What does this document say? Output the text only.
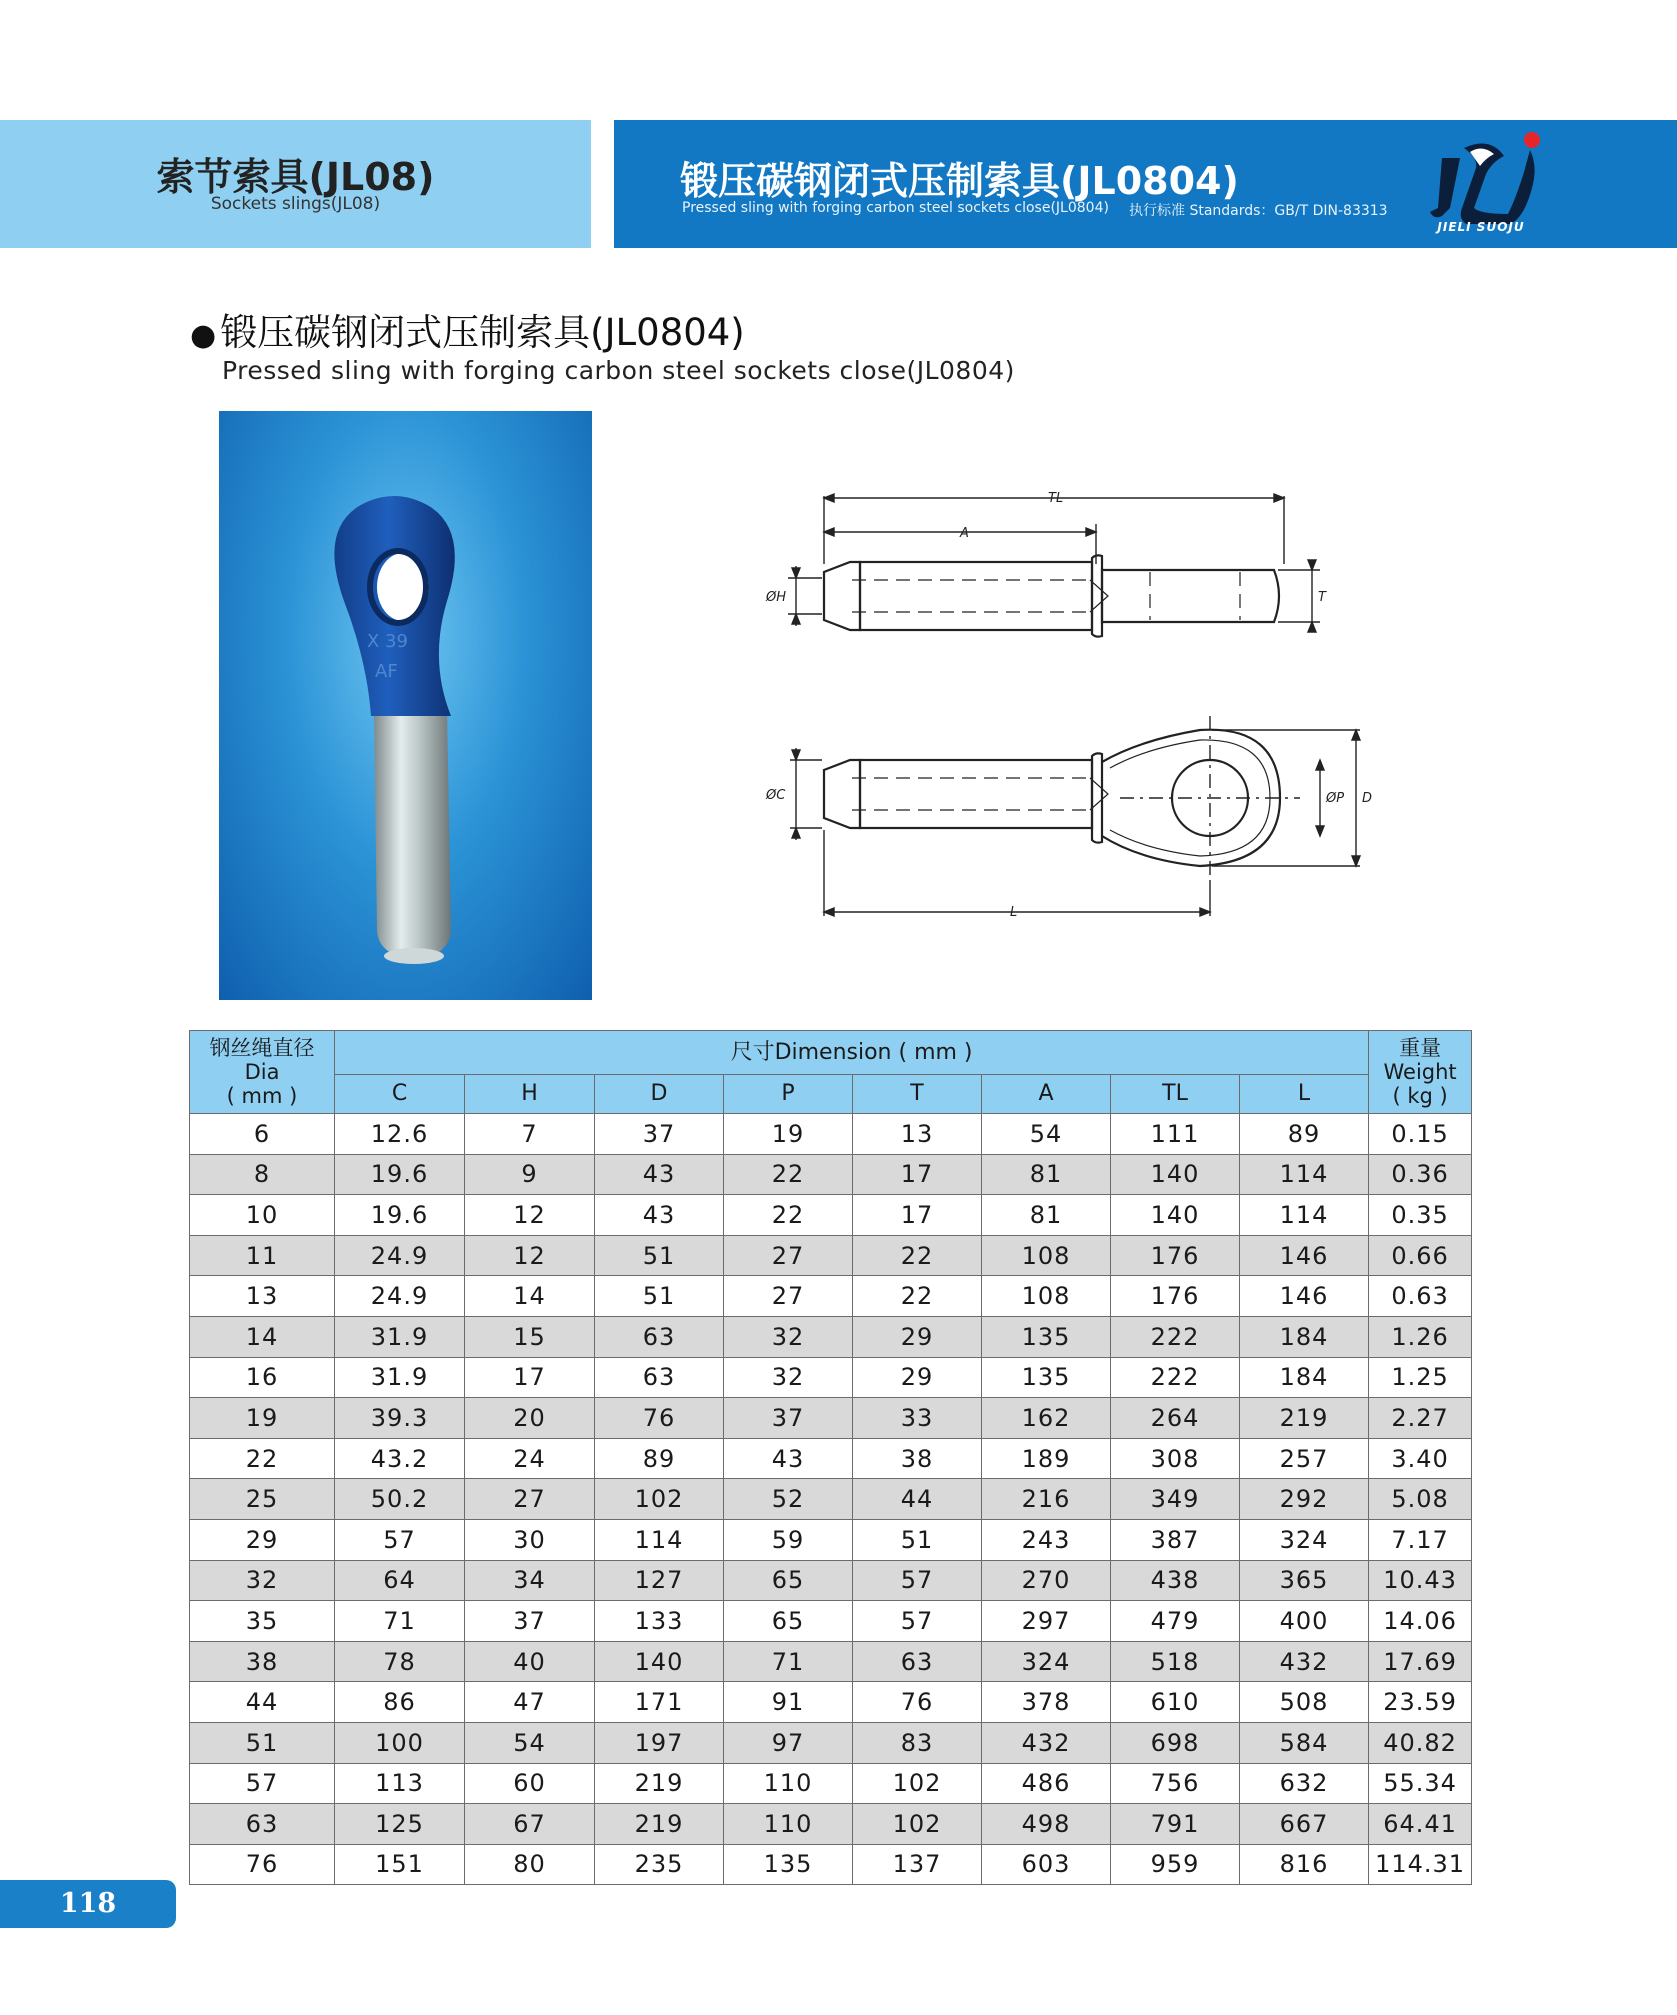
索节索具(JL08)
Sockets slings(JL08)
锻压碳钢闭式压制索具(JL0804)
Pressed sling with forging carbon steel sockets close(JL0804) 执行标准 Standards：GB/T DIN-83313
JIELI SUOJU
● 锻压碳钢闭式压制索具(JL0804)
Pressed sling with forging carbon steel sockets close(JL0804)
X 39
AF
TL
A
ØH	T
ØC	ØP D
L
钢丝绳直径
Dia
( mm )	尺寸Dimension ( mm )								重量
Weight
( kg )

	C	H	D	P	T	A	TL	L	
6	12.6	7	37	19	13	54	111	89	0.15
8	19.6	9	43	22	17	81	140	114	0.36
10	19.6	12	43	22	17	81	140	114	0.35
11	24.9	12	51	27	22	108	176	146	0.66
13	24.9	14	51	27	22	108	176	146	0.63
14	31.9	15	63	32	29	135	222	184	1.26
16	31.9	17	63	32	29	135	222	184	1.25
19	39.3	20	76	37	33	162	264	219	2.27
22	43.2	24	89	43	38	189	308	257	3.40
25	50.2	27	102	52	44	216	349	292	5.08
29	57	30	114	59	51	243	387	324	7.17
32	64	34	127	65	57	270	438	365	10.43
35	71	37	133	65	57	297	479	400	14.06
38	78	40	140	71	63	324	518	432	17.69
44	86	47	171	91	76	378	610	508	23.59
51	100	54	197	97	83	432	698	584	40.82
57	113	60	219	110	102	486	756	632	55.34
63	125	67	219	110	102	498	791	667	64.41
76	151	80	235	135	137	603	959	816	114.31
118
